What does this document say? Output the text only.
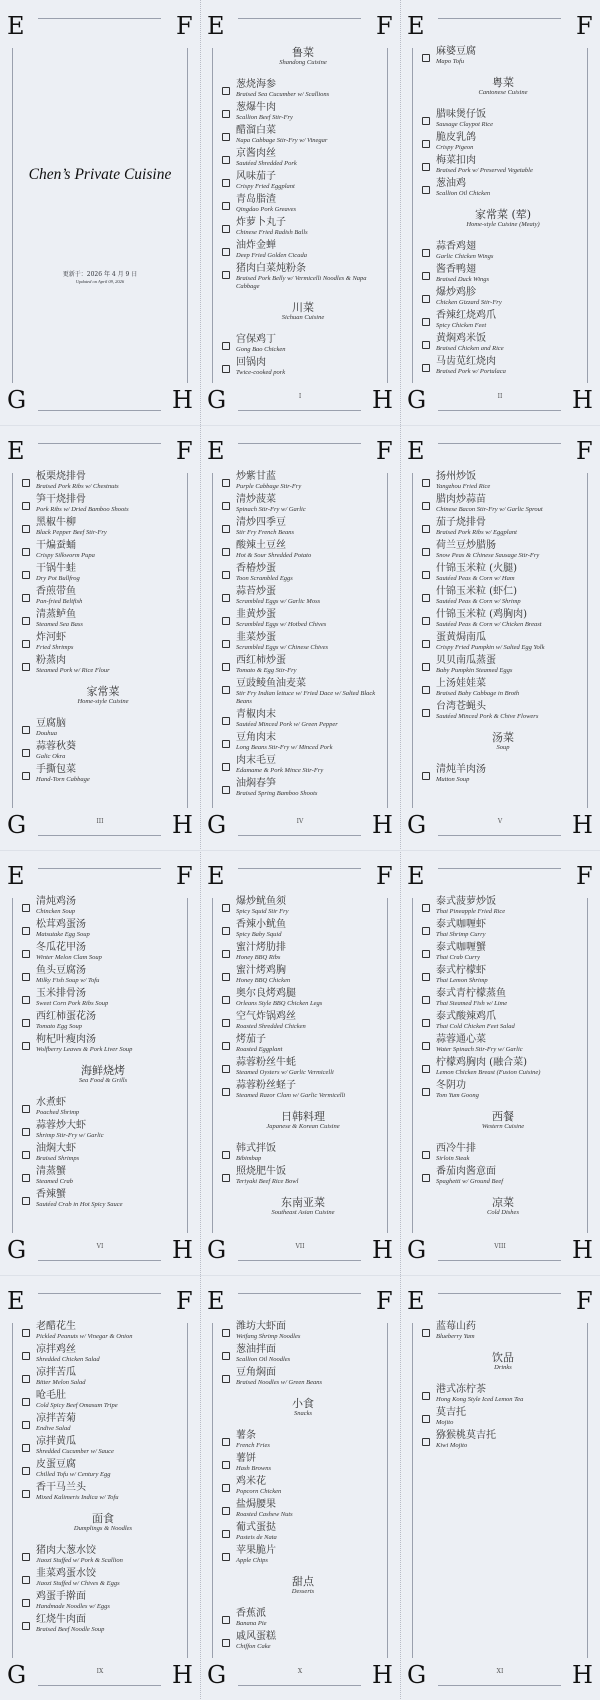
E	F
G	H
Chen’s Private Cuisine
更新于：2026 年 4 月 9 日
Updated on April 09, 2026
E	F
G	H
I
鲁菜
Shandong Cuisine
葱烧海参
Braised Sea Cucumber w/ Scallions
葱爆牛肉
Scallion Beef Stir-Fry
醋溜白菜
Napa Cabbage Stir-Fry w/ Vinegar
京酱肉丝
Sautéed Shredded Pork
风味茄子
Crispy Fried Eggplant
青岛脂渣
Qingdao Pork Greaves
炸萝卜丸子
Chinese Fried Radish Balls
油炸金蝉
Deep Fried Golden Cicada
猪肉白菜炖粉条
Braised Pork Belly w/ Vermicelli Noodles & Napa Cabbage
川菜
Sichuan Cuisine
宫保鸡丁
Gong Bao Chicken
回锅肉
Twice-cooked pork
E	F
G	H
II
麻婆豆腐
Mapo Tofu
粤菜
Cantonese Cuisine
腊味煲仔饭
Sausage Claypot Rice
脆皮乳鸽
Crispy Pigeon
梅菜扣肉
Braised Pork w/ Preserved Vegetable
葱油鸡
Scallion Oil Chicken
家常菜 (荤)
Home-style Cuisine (Meaty)
蒜香鸡翅
Garlic Chicken Wings
酱香鸭翅
Braised Duck Wings
爆炒鸡胗
Chicken Gizzard Stir-Fry
香辣红烧鸡爪
Spicy Chicken Feet
黄焖鸡米饭
Braised Chicken and Rice
马齿苋红烧肉
Braised Pork w/ Portulaca
E	F
G	H
III
板栗烧排骨
Braised Pork Ribs w/ Chestnuts
笋干烧排骨
Pork Ribs w/ Dried Bamboo Shoots
黑椒牛柳
Black Pepper Beef Stir-Fry
干煸蚕蛹
Crispy Silkworm Pupa
干锅牛蛙
Dry Pot Bullfrog
香煎带鱼
Pan-fried Beltfish
清蒸鲈鱼
Steamed Sea Bass
炸河虾
Fried Shrimps
粉蒸肉
Steamed Pork w/ Rice Flour
家常菜
Home-style Cuisine
豆腐脑
Douhua
蒜蓉秋葵
Galic Okra
手撕包菜
Hand-Torn Cabbage
E	F
G	H
IV
炒紫甘蓝
Purple Cabbage Stir-Fry
清炒菠菜
Spinach Stir-Fry w/ Garlic
清炒四季豆
Stir Fry French Beans
酸辣土豆丝
Hot & Sour Shredded Potato
香椿炒蛋
Toon Scrambled Eggs
蒜苔炒蛋
Scrambled Eggs w/ Garlic Moss
韭黄炒蛋
Scrambled Eggs w/ Hotbed Chives
韭菜炒蛋
Scrambled Eggs w/ Chinese Chives
西红柿炒蛋
Tomato & Egg Stir-Fry
豆豉鲮鱼油麦菜
Stir Fry Indian lettuce w/ Fried Dace w/ Salted Black Beans
青椒肉末
Sautéed Minced Pork w/ Green Pepper
豆角肉末
Long Beans Stir-Fry w/ Minced Pork
肉末毛豆
Edamame & Pork Mince Stir-Fry
油焖春笋
Braised Spring Bamboo Shoots
E	F
G	H
V
扬州炒饭
Yangzhou Fried Rice
腊肉炒蒜苗
Chinese Bacon Stir-Fry w/ Garlic Sprout
茄子烧排骨
Braised Pork Ribs w/ Eggplant
荷兰豆炒腊肠
Snow Peas & Chinese Sausage Stir-Fry
什锦玉米粒 (火腿)
Sautéed Peas & Corn w/ Ham
什锦玉米粒 (虾仁)
Sautéed Peas & Corn w/ Shrimp
什锦玉米粒 (鸡胸肉)
Sautéed Peas & Corn w/ Chicken Breast
蛋黄焗南瓜
Crispy Fried Pumpkin w/ Salted Egg Yolk
贝贝南瓜蒸蛋
Baby Pumpkin Steamed Eggs
上汤娃娃菜
Braised Baby Cabbage in Broth
台湾苍蝇头
Sautéed Minced Pork & Chive Flowers
汤菜
Soup
清炖羊肉汤
Mutton Soup
E	F
G	H
VI
清炖鸡汤
Chincken Soup
松茸鸡蛋汤
Matsutake Egg Soup
冬瓜花甲汤
Winter Melon Clam Soup
鱼头豆腐汤
Milky Fish Soup w/ Tofu
玉米排骨汤
Sweet Corn Pork Ribs Soup
西红柿蛋花汤
Tomato Egg Soup
枸杞叶瘦肉汤
Wolfberry Leaves & Pork Liver Soup
海鲜烧烤
Sea Food & Grills
水煮虾
Poached Shrimp
蒜蓉炒大虾
Shrimp Stir-Fry w/ Garlic
油焖大虾
Braised Shrimps
清蒸蟹
Steamed Crab
香辣蟹
Sautéed Crab in Hot Spicy Sauce
E	F
G	H
VII
爆炒鱿鱼须
Spicy Squid Stir Fry
香辣小鱿鱼
Spicy Baby Squid
蜜汁烤肋排
Honey BBQ Ribs
蜜汁烤鸡胸
Honey BBQ Chicken
奥尔良烤鸡腿
Orleans Style BBQ Chicken Legs
空气炸锅鸡丝
Roasted Shredded Chicken
烤茄子
Roasted Eggplant
蒜蓉粉丝牛蚝
Steamed Oysters w/ Garlic Vermicelli
蒜蓉粉丝蛏子
Steamed Razor Clam w/ Garlic Vermicelli
日韩料理
Japanese & Korean Cuisine
韩式拌饭
Bibimbap
照烧肥牛饭
Teriyaki Beef Rice Bowl
东南亚菜
Southeast Asian Cuisine
E	F
G	H
VIII
泰式菠萝炒饭
Thai Pineapple Fried Rice
泰式咖喱虾
Thai Shrimp Curry
泰式咖喱蟹
Thai Crab Curry
泰式柠檬虾
Thai Lemon Shrimp
泰式青柠檬蒸鱼
Thai Steamed Fish w/ Lime
泰式酸辣鸡爪
Thai Cold Chicken Feet Salad
蒜蓉通心菜
Water Spinach Stir-Fry w/ Garlic
柠檬鸡胸肉 (融合菜)
Lemon Chicken Breast (Fusion Cuisine)
冬阴功
Tom Yum Goong
西餐
Western Cuisine
西冷牛排
Sirloin Steak
番茄肉酱意面
Spaghetti w/ Ground Beef
凉菜
Cold Dishes
E	F
G	H
IX
老醋花生
Pickled Peanuts w/ Vinegar & Onion
凉拌鸡丝
Shredded Chicken Salad
凉拌苦瓜
Bitter Melon Salad
呛毛肚
Cold Spicy Beef Omasum Tripe
凉拌苦菊
Endive Salad
凉拌黄瓜
Shredded Cucumber w/ Sauce
皮蛋豆腐
Chilled Tofu w/ Century Egg
香干马兰头
Mixed Kalimeris Indica w/ Tofu
面食
Dumplings & Noodles
猪肉大葱水饺
Jiaozi Stuffed w/ Pork & Scallion
韭菜鸡蛋水饺
Jiaozi Stuffed w/ Chives & Eggs
鸡蛋手擀面
Handmade Noodles w/ Eggs
红烧牛肉面
Braised Beef Noodle Soup
E	F
G	H
X
潍坊大虾面
Weifang Shrimp Noodles
葱油拌面
Scallion Oil Noodles
豆角焖面
Braised Noodles w/ Green Beans
小食
Snacks
薯条
French Fries
薯饼
Hash Browns
鸡米花
Popcorn Chicken
盐焗腰果
Roasted Cashew Nuts
葡式蛋挞
Pasteis de Nata
苹果脆片
Apple Chips
甜点
Desserts
香蕉派
Banana Pie
戚风蛋糕
Chiffon Cake
E	F
G	H
XI
蓝莓山药
Blueberry Yam
饮品
Drinks
港式冻柠茶
Hong Kong Style Iced Lemon Tea
莫吉托
Mojito
猕猴桃莫吉托
Kiwi Mojito
